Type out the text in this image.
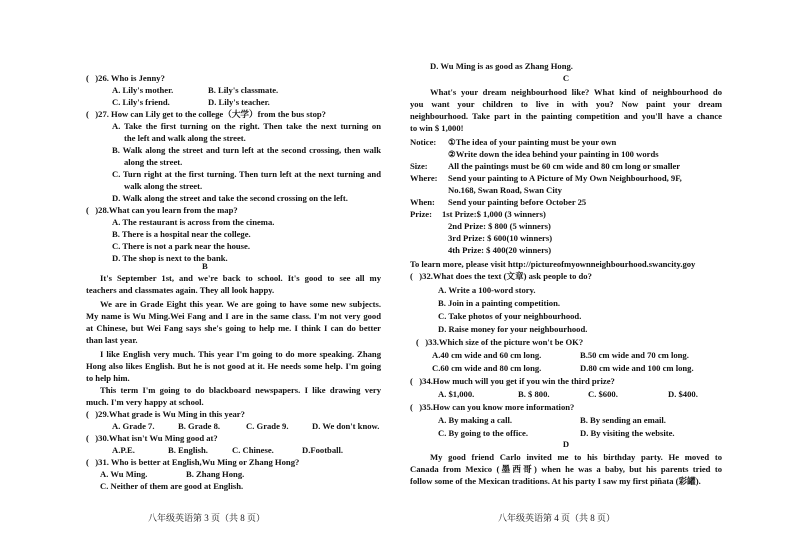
B
(   )26. Who is Jenny?
A. Lily's mother.
C. Lily's friend.
(   )27. How can Lily get to the college（大学）from the bus stop?
A. Take the first turning on the right. Then take the next turning on
the left and walk along the street.
B. Walk along the street and turn left at the second crossing, then walk
along the street.
C. Turn right at the first turning. Then turn left at the next turning and
walk along the street.
D. Walk along the street and take the second crossing on the left.
(   )28.What can you learn from the map?
A. The restaurant is across from the cinema.
B. There is a hospital near the college.
C. There is not a park near the house.
D. The shop is next to the bank.
It's September 1st, and we're back to school. It's good to see all my
teachers and classmates again. They all look happy.
We are in Grade Eight this year. We are going to have some new subjects.
My name is Wu Ming.Wei Fang and I are in the same class. I'm not very good
at Chinese, but Wei Fang says she's going to help me. I think I can do better
than last year.
I like English very much. This year I'm going to do more speaking. Zhang
Hong also likes English. But he is not good at it. He needs some help. I'm going
to help him.
This term I'm going to do blackboard newspapers. I like drawing very
much. I'm very happy at school.
(   )29.What grade is Wu Ming in this year?
A. Grade 7.	B. Grade 8.	C. Grade 9.	D. We don't know.
(   )30.What isn't Wu Ming good at?
A.P.E.	B. English.	C. Chinese.	D.Football.
(   )31. Who is better at English,Wu Ming or Zhang Hong?
A. Wu Ming.	B. Zhang Hong.
C. Neither of them are good at English.
B. Lily's classmate.
D. Lily's teacher.
C
D
D. Wu Ming is as good as Zhang Hong.
What's your dream neighbourhood like? What kind of neighbourhood do
you want your children to live in with you? Now paint your dream
neighbourhood. Take part in the painting competition and you'll have a chance
to win $ 1,000!
Notice: ①The idea of your painting must be your own
②Write down the idea behind your painting in 100 words
Size: All the paintings must be 60 cm wide and 80 cm long or smaller
Where: Send your painting to A Picture of My Own Neighbourhood, 9F,
No.168, Swan Road, Swan City
When: Send your painting before October 25
Prize: 1st Prize:$ 1,000 (3 winners)
2nd Prize: $ 800 (5 winners)
3rd Prize: $ 600(10 winners)
4th Prize: $ 400(20 winners)
To learn more, please visit http://pictureofmyownneighbourhood.swancity.goy
(   )32.What does the text (文章) ask people to do?
A. Write a 100-word story.
B. Join in a painting competition.
C. Take photos of your neighbourhood.
D. Raise money for your neighbourhood.
(   )33.Which size of the picture won't be OK?
A.40 cm wide and 60 cm long.	B.50 cm wide and 70 cm long.
C.60 cm wide and 80 cm long.	D.80 cm wide and 100 cm long.
(   )34.How much will you get if you win the third prize?
A. $1,000.	B. $ 800.	C. $600.	D. $400.
(   )35.How can you know more information?
A. By making a call.	B. By sending an email.
C. By going to the office.	D. By visiting the website.
My good friend Carlo invited me to his birthday party. He moved to
Canada from Mexico (墨西哥) when he was a baby, but his parents tried to
follow some of the Mexican traditions. At his party I saw my first piñata (彩罐).
八年级英语第 3 页（共 8 页）	八年级英语第 4 页（共 8 页）
